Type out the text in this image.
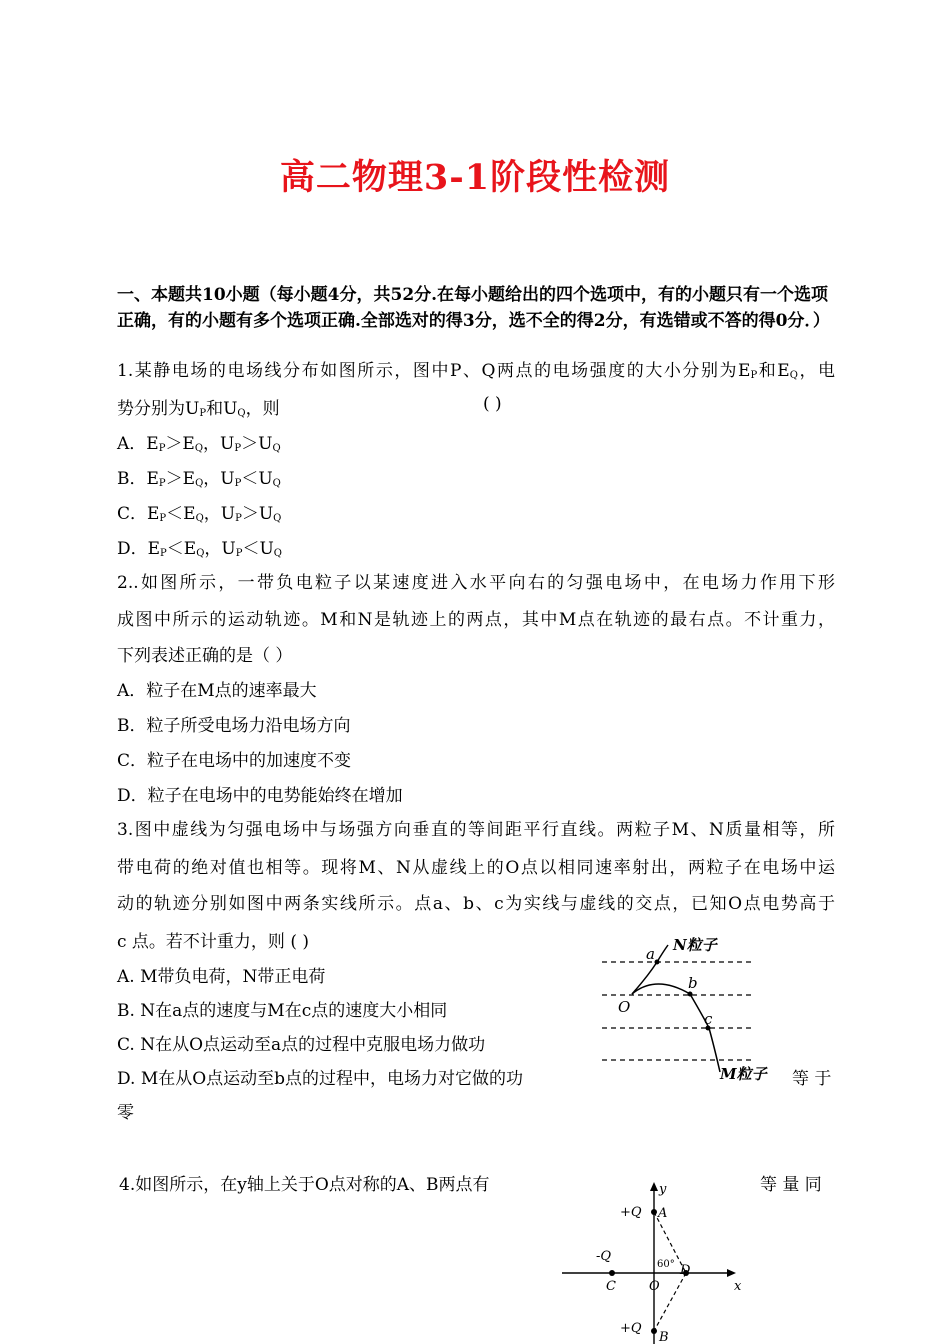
高二物理3-1阶段性检测
一、本题共10小题（每小题4分，共52分.在每小题给出的四个选项中，有的小题只有一个选项正确，有的小题有多个选项正确.全部选对的得3分，选不全的得2分，有选错或不答的得0分．）
1.某静电场的电场线分布如图所示，图中P、Q两点的电场强度的大小分别为$E_P$和$E_Q$，电
势分别为$U_P$和$U_Q$，则	( )
A．$E_P>E_Q$，$U_P>U_Q$
B．$E_P>E_Q$，$U_P<U_Q$
C．$E_P<E_Q$，$U_P>U_Q$
D．$E_P<E_Q$，$U_P<U_Q$
2..如图所示，一带负电粒子以某速度进入水平向右的匀强电场中，在电场力作用下形
成图中所示的运动轨迹。M和N是轨迹上的两点，其中M点在轨迹的最右点。不计重力，
下列表述正确的是（ ）
A．粒子在M点的速率最大
B．粒子所受电场力沿电场方向
C．粒子在电场中的加速度不变
D．粒子在电场中的电势能始终在增加
3.图中虚线为匀强电场中与场强方向垂直的等间距平行直线。两粒子M、N质量相等，所
带电荷的绝对值也相等。现将M、N从虚线上的O点以相同速率射出，两粒子在电场中运
动的轨迹分别如图中两条实线所示。点a、b、c为实线与虚线的交点，已知O点电势高于
c 点。若不计重力，则 ( )
A. M带负电荷，N带正电荷
B. N在a点的速度与M在c点的速度大小相同
C. N在从O点运动至a点的过程中克服电场力做功
D. M在从O点运动至b点的过程中，电场力对它做的功	等 于
零
a
b
c
O
N粒子
M粒子
4.如图所示，在y轴上关于O点对称的A、B两点有	等 量 同
y
x
+Q A
-Q
60°
C	O
D
+Q
B
